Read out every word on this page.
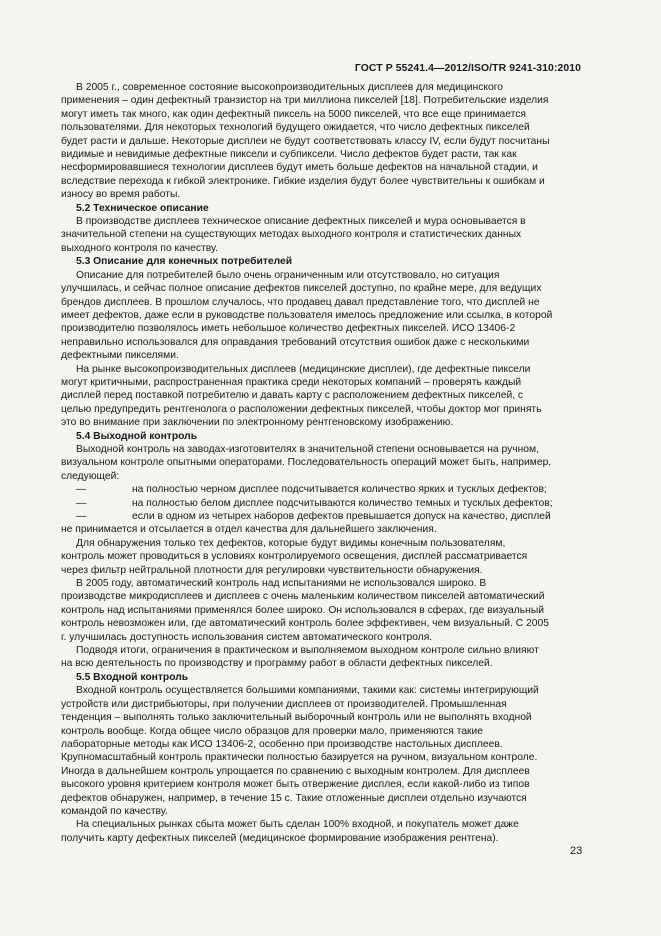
ГОСТ Р 55241.4—2012/ISO/TR 9241-310:2010

В 2005 г., современное состояние высокопроизводительных дисплеев для медицинского
применения – один дефектный транзистор на три миллиона пикселей [18]. Потребительские изделия
могут иметь так много, как один дефектный пиксель на 5000 пикселей, что все еще принимается
пользователями. Для некоторых технологий будущего ожидается, что число дефектных пикселей
будет расти и дальше. Некоторые дисплеи не будут соответствовать классу IV, если будут посчитаны
видимые и невидимые дефектные пиксели и субпиксели. Число дефектов будет расти, так как
несформировавшиеся технологии дисплеев будут иметь больше дефектов на начальной стадии, и
вследствие перехода к гибкой электронике. Гибкие изделия будут более чувствительны к ошибкам и
износу во время работы.

5.2 Техническое описание

В производстве дисплеев техническое описание дефектных пикселей и мура основывается в
значительной степени на существующих методах выходного контроля и статистических данных
выходного контроля по качеству.

5.3 Описание для конечных потребителей

Описание для потребителей было очень ограниченным или отсутствовало, но ситуация
улучшилась, и сейчас полное описание дефектов пикселей доступно, по крайне мере, для ведущих
брендов дисплеев. В прошлом случалось, что продавец давал представление того, что дисплей не
имеет дефектов, даже если в руководстве пользователя имелось предложение или ссылка, в которой
производителю позволялось иметь небольшое количество дефектных пикселей. ИСО 13406-2
неправильно использовался для оправдания требований отсутствия ошибок даже с несколькими
дефектными пикселями.

На рынке высокопроизводительных дисплеев (медицинские дисплеи), где дефектные пиксели
могут критичными, распространенная практика среди некоторых компаний – проверять каждый
дисплей перед поставкой потребителю и давать карту с расположением дефектных пикселей, с
целью предупредить рентгенолога о расположении дефектных пикселей, чтобы доктор мог принять
это во внимание при заключении по электронному рентгеновскому изображению.

5.4 Выходной контроль

Выходной контроль на заводах-изготовителях в значительной степени основывается на ручном,
визуальном контроле опытными операторами. Последовательность операций может быть, например,
следующей:

—	на полностью черном дисплее подсчитывается количество ярких и тусклых дефектов;

—	на полностью белом дисплее подсчитываются количество темных и тусклых дефектов;

—	если в одном из четырех наборов дефектов превышается допуск на качество, дисплей
не принимается и отсылается в отдел качества для дальнейшего заключения.

Для обнаружения только тех дефектов, которые будут видимы конечным пользователям,
контроль может проводиться в условиях контролируемого освещения, дисплей рассматривается
через фильтр нейтральной плотности для регулировки чувствительности обнаружения.

В 2005 году, автоматический контроль над испытаниями не использовался широко. В
производстве микродисплеев и дисплеев с очень маленьким количеством пикселей автоматический
контроль над испытаниями применялся более широко. Он использовался в сферах, где визуальный
контроль невозможен или, где автоматический контроль более эффективен, чем визуальный. С 2005
г. улучшилась доступность использования систем автоматического контроля.

Подводя итоги, ограничения в практическом и выполняемом выходном контроле сильно влияют
на всю деятельность по производству и программу работ в области дефектных пикселей.

5.5 Входной контроль

Входной контроль осуществляется большими компаниями, такими как: системы интегрирующий
устройств или дистрибьюторы, при получении дисплеев от производителей. Промышленная
тенденция – выполнять только заключительный выборочный контроль или не выполнять входной
контроль вообще. Когда общее число образцов для проверки мало, применяются такие
лабораторные методы как ИСО 13406-2, особенно при производстве настольных дисплеев.
Крупномасштабный контроль практически полностью базируется на ручном, визуальном контроле.
Иногда в дальнейшем контроль упрощается по сравнению с выходным контролем. Для дисплеев
высокого уровня критерием контроля может быть отвержение дисплея, если какой-либо из типов
дефектов обнаружен, например, в течение 15 с. Такие отложенные дисплеи отдельно изучаются
командой по качеству.

На специальных рынках сбыта может быть сделан 100% входной, и покупатель может даже
получить карту дефектных пикселей (медицинское формирование изображения рентгена).

23
